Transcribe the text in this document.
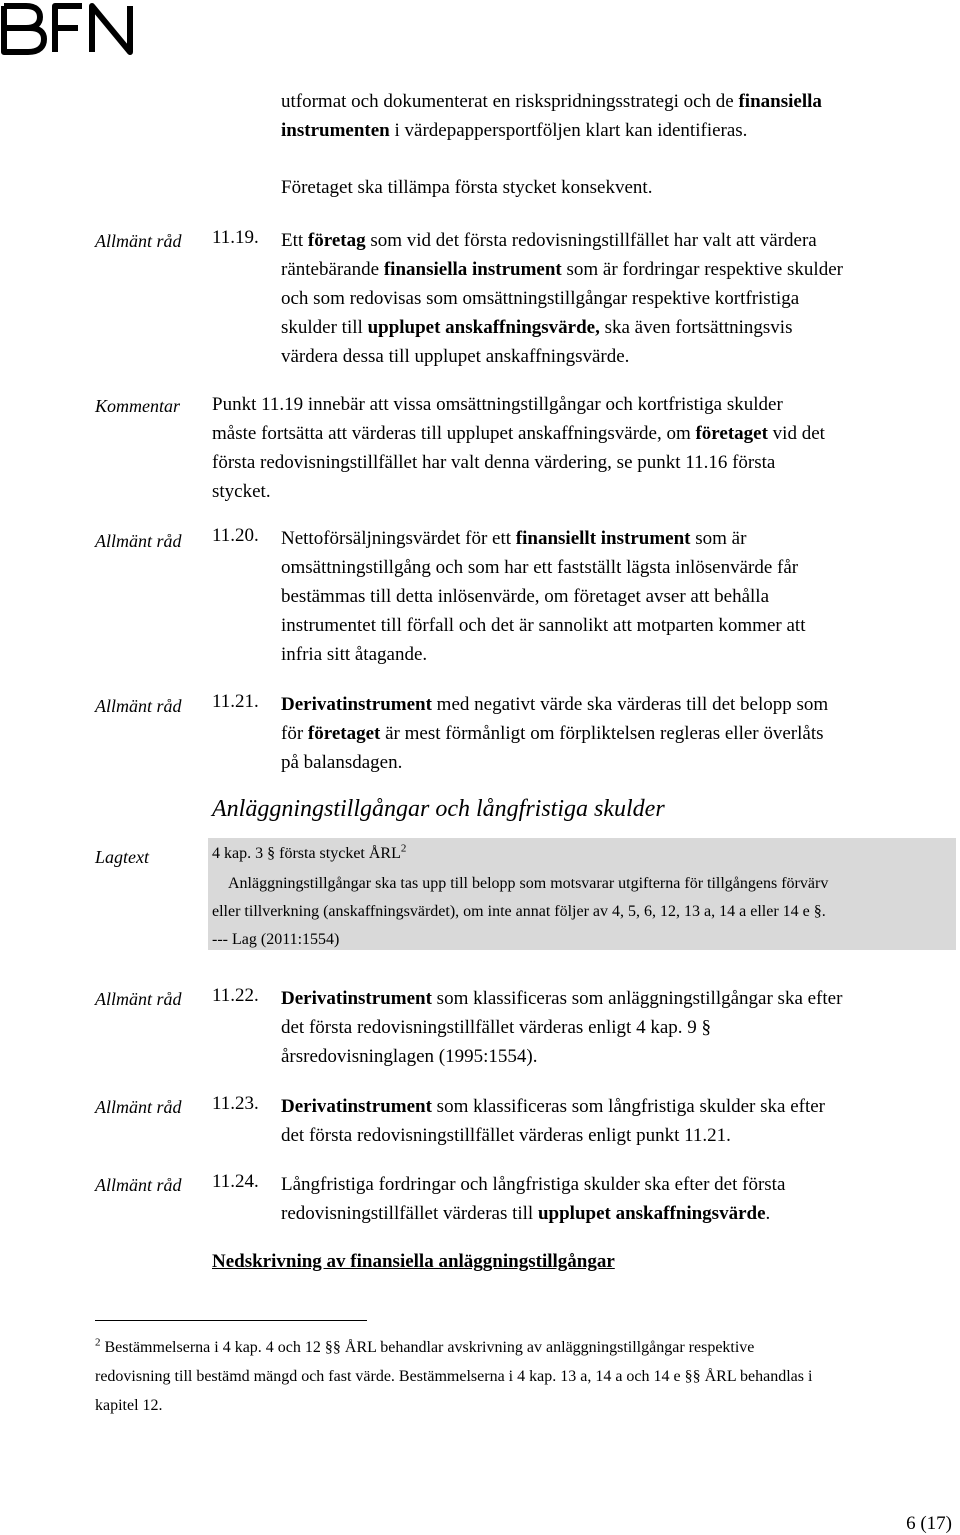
utformat och dokumenterat en riskspridningsstrategi och de finansiella
instrumenten i värdepappersportföljen klart kan identifieras.
Företaget ska tillämpa första stycket konsekvent.
Allmänt råd 11.19. Ett företag som vid det första redovisningstillfället har valt att värdera
räntebärande finansiella instrument som är fordringar respektive skulder
och som redovisas som omsättningstillgångar respektive kortfristiga
skulder till upplupet anskaffningsvärde, ska även fortsättningsvis
värdera dessa till upplupet anskaffningsvärde.
Kommentar Punkt 11.19 innebär att vissa omsättningstillgångar och kortfristiga skulder
måste fortsätta att värderas till upplupet anskaffningsvärde, om företaget vid det
första redovisningstillfället har valt denna värdering, se punkt 11.16 första
stycket.
Allmänt råd 11.20. Nettoförsäljningsvärdet för ett finansiellt instrument som är
omsättningstillgång och som har ett fastställt lägsta inlösenvärde får
bestämmas till detta inlösenvärde, om företaget avser att behålla
instrumentet till förfall och det är sannolikt att motparten kommer att
infria sitt åtagande.
Allmänt råd 11.21. Derivatinstrument med negativt värde ska värderas till det belopp som
för företaget är mest förmånligt om förpliktelsen regleras eller överlåts
på balansdagen.
Anläggningstillgångar och långfristiga skulder
Lagtext	4 kap. 3 § första stycket ÅRL$^2$
Anläggningstillgångar ska tas upp till belopp som motsvarar utgifterna för tillgångens förvärv
eller tillverkning (anskaffningsvärdet), om inte annat följer av 4, 5, 6, 12, 13 a, 14 a eller 14 e §.
--- Lag (2011:1554)
Allmänt råd 11.22. Derivatinstrument som klassificeras som anläggningstillgångar ska efter
det första redovisningstillfället värderas enligt 4 kap. 9 §
årsredovisninglagen (1995:1554).
Allmänt råd 11.23. Derivatinstrument som klassificeras som långfristiga skulder ska efter
det första redovisningstillfället värderas enligt punkt 11.21.
Allmänt råd 11.24. Långfristiga fordringar och långfristiga skulder ska efter det första
redovisningstillfället värderas till upplupet anskaffningsvärde.
Nedskrivning av finansiella anläggningstillgångar
$^2$ Bestämmelserna i 4 kap. 4 och 12 §§ ÅRL behandlar avskrivning av anläggningstillgångar respektive
redovisning till bestämd mängd och fast värde. Bestämmelserna i 4 kap. 13 a, 14 a och 14 e §§ ÅRL behandlas i
kapitel 12.
6 (17)
